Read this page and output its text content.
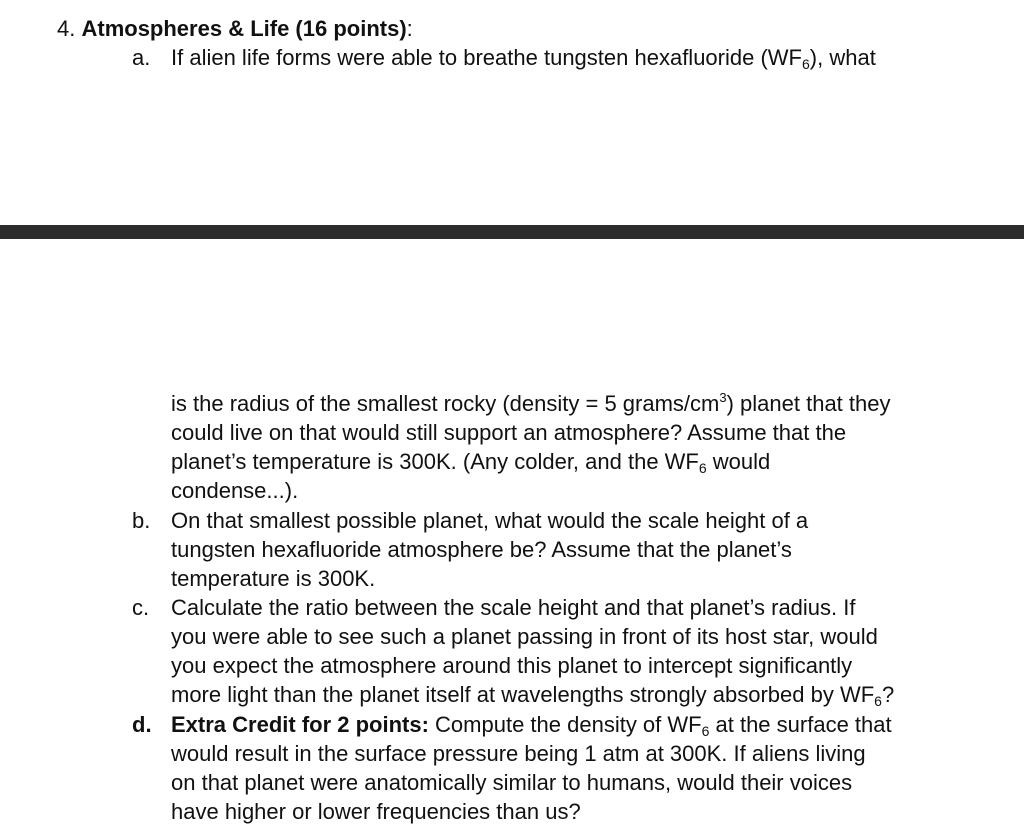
4. Atmospheres & Life (16 points):
a. If alien life forms were able to breathe tungsten hexafluoride $(WF_6)$, what
is the radius of the smallest rocky (density = 5 grams/$cm^3$) planet that they
could live on that would still support an atmosphere? Assume that the
planet’s temperature is 300K. (Any colder, and the $WF_6$ would
condense...).
b. On that smallest possible planet, what would the scale height of a
tungsten hexafluoride atmosphere be? Assume that the planet’s
temperature is 300K.
c. Calculate the ratio between the scale height and that planet’s radius. If
you were able to see such a planet passing in front of its host star, would
you expect the atmosphere around this planet to intercept significantly
more light than the planet itself at wavelengths strongly absorbed by $WF_6$?
d. Extra Credit for 2 points: Compute the density of $WF_6$ at the surface that
would result in the surface pressure being 1 atm at 300K. If aliens living
on that planet were anatomically similar to humans, would their voices
have higher or lower frequencies than us?
